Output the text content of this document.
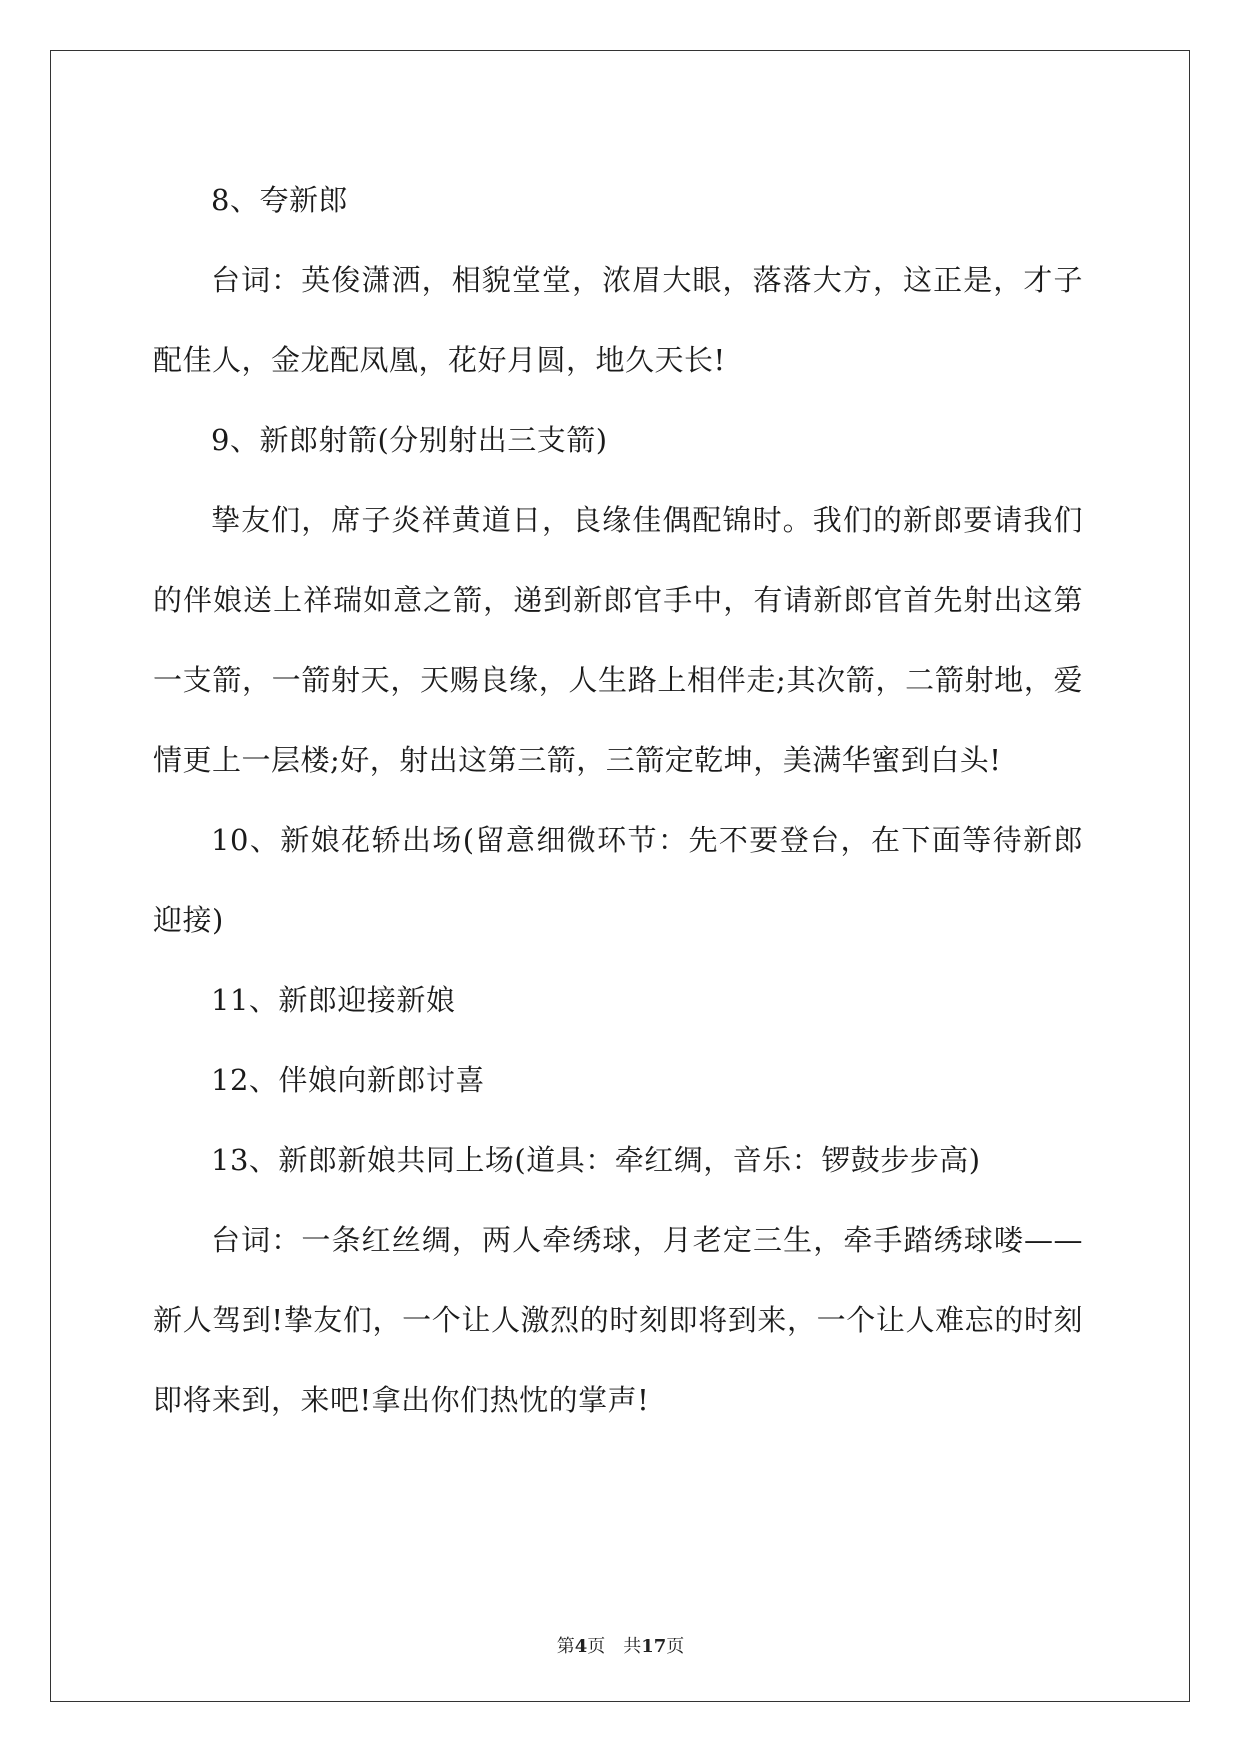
8、夸新郎

台词：英俊潇洒，相貌堂堂，浓眉大眼，落落大方，这正是，才子配佳人，金龙配凤凰，花好月圆，地久天长!

9、新郎射箭(分别射出三支箭)

挚友们，席子炎祥黄道日，良缘佳偶配锦时。我们的新郎要请我们的伴娘送上祥瑞如意之箭，递到新郎官手中，有请新郎官首先射出这第一支箭，一箭射天，天赐良缘，人生路上相伴走;其次箭，二箭射地，爱情更上一层楼;好，射出这第三箭，三箭定乾坤，美满华蜜到白头!

10、新娘花轿出场(留意细微环节：先不要登台，在下面等待新郎迎接)

11、新郎迎接新娘

12、伴娘向新郎讨喜

13、新郎新娘共同上场(道具：牵红绸，音乐：锣鼓步步高)

台词：一条红丝绸，两人牵绣球，月老定三生，牵手踏绣球喽——新人驾到!挚友们，一个让人激烈的时刻即将到来，一个让人难忘的时刻即将来到，来吧!拿出你们热忱的掌声!

第4页　共17页
